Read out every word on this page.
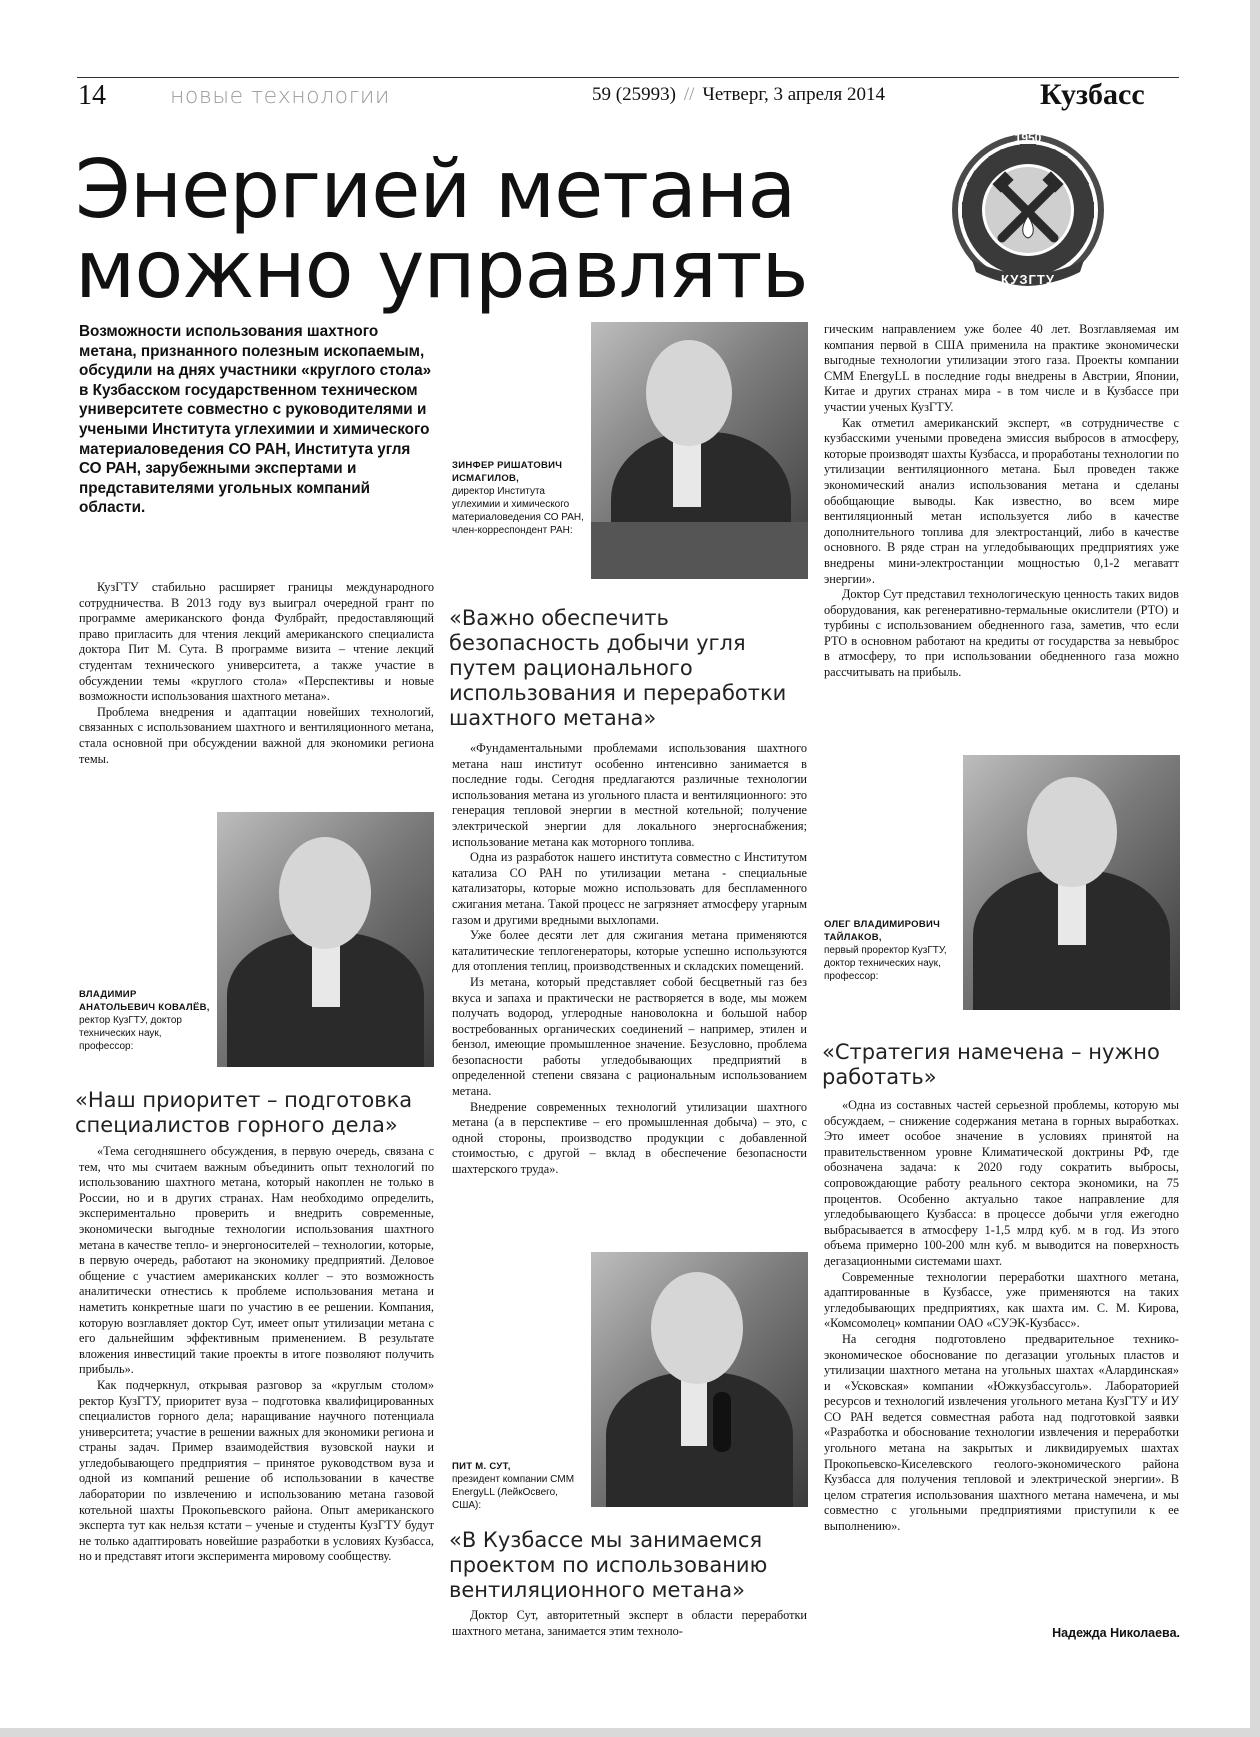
14	новые технологии	59 (25993) // Четверг, 3 апреля 2014	Кузбасс
1950
КУЗГТУ
Энергией метана
можно управлять
Возможности использования шахтного метана, признанного полезным ископаемым, обсудили на днях участники «круглого стола» в Кузбасском государственном техническом университете совместно с руководителями и учеными Института углехимии и химического материаловедения СО РАН, Института угля СО РАН, зарубежными экспертами и представителями угольных компаний области.

КузГТУ стабильно расширяет границы международного сотрудничества. В 2013 году вуз выиграл очередной грант по программе американского фонда Фулбрайт, предоставляющий право пригласить для чтения лекций американского специалиста доктора Пит М. Сута. В программе визита – чтение лекций студентам технического университета, а также участие в обсуждении темы «круглого стола» «Перспективы и новые возможности использования шахтного метана».

Проблема внедрения и адаптации новейших технологий, связанных с использованием шахтного и вентиляционного метана, стала основной при обсуждении важной для экономики региона темы.

ВЛАДИМИР АНАТОЛЬЕВИЧ КОВАЛЁВ,
ректор КузГТУ, доктор технических наук, профессор:
«Наш приоритет – подготовка специалистов горного дела»

«Тема сегодняшнего обсуждения, в первую очередь, связана с тем, что мы считаем важным объединить опыт технологий по использованию шахтного метана, который накоплен не только в России, но и в других странах. Нам необходимо определить, экспериментально проверить и внедрить современные, экономически выгодные технологии использования шахтного метана в качестве тепло- и энергоносителей – технологии, которые, в первую очередь, работают на экономику предприятий. Деловое общение с участием американских коллег – это возможность аналитически отнестись к проблеме использования метана и наметить конкретные шаги по участию в ее решении. Компания, которую возглавляет доктор Сут, имеет опыт утилизации метана с его дальнейшим эффективным применением. В результате вложения инвестиций такие проекты в итоге позволяют получить прибыль».

Как подчеркнул, открывая разговор за «круглым столом» ректор КузГТУ, приоритет вуза – подготовка квалифицированных специалистов горного дела; наращивание научного потенциала университета; участие в решении важных для экономики региона и страны задач. Пример взаимодействия вузовской науки и угледобывающего предприятия – принятое руководством вуза и одной из компаний решение об использовании в качестве лаборатории по извлечению и использованию метана газовой котельной шахты Прокопьевского района. Опыт американского эксперта тут как нельзя кстати – ученые и студенты КузГТУ будут не только адаптировать новейшие разработки в условиях Кузбасса, но и представят итоги эксперимента мировому сообществу.

ЗИНФЕР РИШАТОВИЧ ИСМАГИЛОВ,
директор Института углехимии и химического материаловедения СО РАН, член-корреспондент РАН:
«Важно обеспечить безопасность добычи угля путем рационального использования и переработки шахтного метана»

«Фундаментальными проблемами использования шахтного метана наш институт особенно интенсивно занимается в последние годы. Сегодня предлагаются различные технологии использования метана из угольного пласта и вентиляционного: это генерация тепловой энергии в местной котельной; получение электрической энергии для локального энергоснабжения; использование метана как моторного топлива.

Одна из разработок нашего института совместно с Институтом катализа СО РАН по утилизации метана - специальные катализаторы, которые можно использовать для беспламенного сжигания метана. Такой процесс не загрязняет атмосферу угарным газом и другими вредными выхлопами.

Уже более десяти лет для сжигания метана применяются каталитические теплогенераторы, которые успешно используются для отопления теплиц, производственных и складских помещений.

Из метана, который представляет собой бесцветный газ без вкуса и запаха и практически не растворяется в воде, мы можем получать водород, углеродные нановолокна и большой набор востребованных органических соединений – например, этилен и бензол, имеющие промышленное значение. Безусловно, проблема безопасности работы угледобывающих предприятий в определенной степени связана с рациональным использованием метана.

Внедрение современных технологий утилизации шахтного метана (а в перспективе – его промышленная добыча) – это, с одной стороны, производство продукции с добавленной стоимостью, с другой – вклад в обеспечение безопасности шахтерского труда».

ПИТ М. СУТ,
президент компании CMM EnergyLL (ЛейкОсвего, США):
«В Кузбассе мы занимаемся проектом по использованию вентиляционного метана»

Доктор Сут, авторитетный эксперт в области переработки шахтного метана, занимается этим техноло-

гическим направлением уже более 40 лет. Возглавляемая им компания первой в США применила на практике экономически выгодные технологии утилизации этого газа. Проекты компании CMM EnergyLL в последние годы внедрены в Австрии, Японии, Китае и других странах мира - в том числе и в Кузбассе при участии ученых КузГТУ.

Как отметил американский эксперт, «в сотрудничестве с кузбасскими учеными проведена эмиссия выбросов в атмосферу, которые производят шахты Кузбасса, и проработаны технологии по утилизации вентиляционного метана. Был проведен также экономический анализ использования метана и сделаны обобщающие выводы. Как известно, во всем мире вентиляционный метан используется либо в качестве дополнительного топлива для электростанций, либо в качестве основного. В ряде стран на угледобывающих предприятиях уже внедрены мини-электростанции мощностью 0,1-2 мегаватт энергии».

Доктор Сут представил технологическую ценность таких видов оборудования, как регенеративно-термальные окислители (РТО) и турбины с использованием обедненного газа, заметив, что если РТО в основном работают на кредиты от государства за невыброс в атмосферу, то при использовании обедненного газа можно рассчитывать на прибыль.

ОЛЕГ ВЛАДИМИРОВИЧ ТАЙЛАКОВ,
первый проректор КузГТУ, доктор технических наук, профессор:
«Стратегия намечена – нужно работать»

«Одна из составных частей серьезной проблемы, которую мы обсуждаем, – снижение содержания метана в горных выработках. Это имеет особое значение в условиях принятой на правительственном уровне Климатической доктрины РФ, где обозначена задача: к 2020 году сократить выбросы, сопровождающие работу реального сектора экономики, на 75 процентов. Особенно актуально такое направление для угледобывающего Кузбасса: в процессе добычи угля ежегодно выбрасывается в атмосферу 1-1,5 млрд куб. м в год. Из этого объема примерно 100-200 млн куб. м выводится на поверхность дегазационными системами шахт.

Современные технологии переработки шахтного метана, адаптированные в Кузбассе, уже применяются на таких угледобывающих предприятиях, как шахта им. С. М. Кирова, «Комсомолец» компании ОАО «СУЭК-Кузбасс».

На сегодня подготовлено предварительное технико-экономическое обоснование по дегазации угольных пластов и утилизации шахтного метана на угольных шахтах «Алардинская» и «Усковская» компании «Южкузбассуголь». Лабораторией ресурсов и технологий извлечения угольного метана КузГТУ и ИУ СО РАН ведется совместная работа над подготовкой заявки «Разработка и обоснование технологии извлечения и переработки угольного метана на закрытых и ликвидируемых шахтах Прокопьевско-Киселевского геолого-экономического района Кузбасса для получения тепловой и электрической энергии». В целом стратегия использования шахтного метана намечена, и мы совместно с угольными предприятиями приступили к ее выполнению».

Надежда Николаева.
